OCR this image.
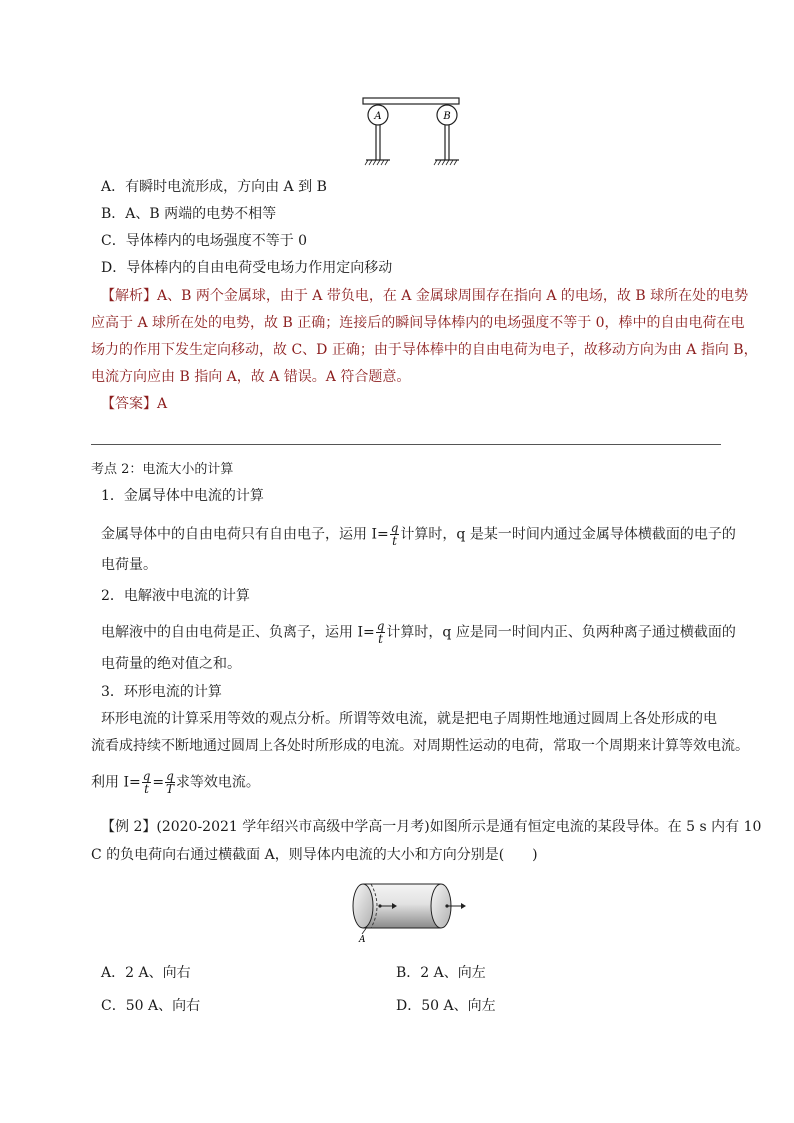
A	B
A．有瞬时电流形成，方向由 A 到 B
B．A、B 两端的电势不相等
C．导体棒内的电场强度不等于 0
D．导体棒内的自由电荷受电场力作用定向移动
【解析】A、B 两个金属球，由于 A 带负电，在 A 金属球周围存在指向 A 的电场，故 B 球所在处的电势
应高于 A 球所在处的电势，故 B 正确；连接后的瞬间导体棒内的电场强度不等于 0，棒中的自由电荷在电
场力的作用下发生定向移动，故 C、D 正确；由于导体棒中的自由电荷为电子，故移动方向为由 A 指向 B，
电流方向应由 B 指向 A，故 A 错误。A 符合题意。
【答案】A
考点 2：电流大小的计算
1．金属导体中电流的计算
金属导体中的自由电荷只有自由电子，运用 $I= \frac{q}{t}$ 计算时，q 是某一时间内通过金属导体横截面的电子的
电荷量。
2．电解液中电流的计算
电解液中的自由电荷是正、负离子，运用 $I= \frac{q}{t}$ 计算时，q 应是同一时间内正、负两种离子通过横截面的
电荷量的绝对值之和。
3．环形电流的计算
环形电流的计算采用等效的观点分析。所谓等效电流，就是把电子周期性地通过圆周上各处形成的电
流看成持续不断地通过圆周上各处时所形成的电流。对周期性运动的电荷，常取一个周期来计算等效电流。
利用 $I= \frac{q}{t} = \frac{q}{T}$ 求等效电流。
【例 2】(2020-2021 学年绍兴市高级中学高一月考)如图所示是通有恒定电流的某段导体。在 5 s 内有 10
C 的负电荷向右通过横截面 A，则导体内电流的大小和方向分别是(　　)
A
A．2 A、向右	B．2 A、向左
C．50 A、向右	D．50 A、向左
